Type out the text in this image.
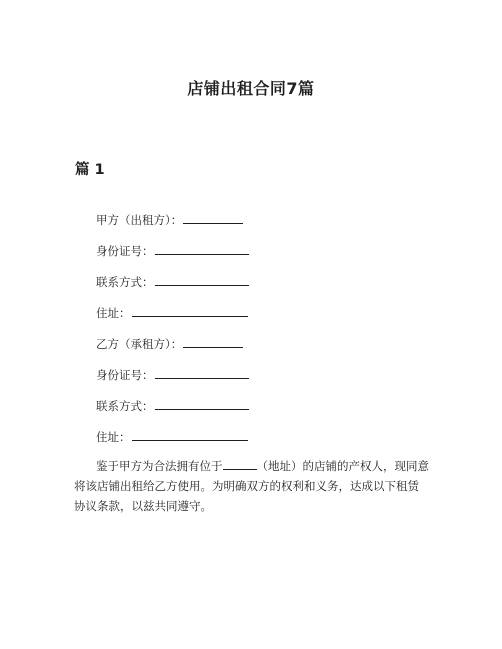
店铺出租合同7篇
篇 1
甲方（出租方）：
身份证号：
联系方式：
住址：
乙方（承租方）：
身份证号：
联系方式：
住址：
鉴于甲方为合法拥有位于	（地址）的店铺的产权人，现同意
将该店铺出租给乙方使用。为明确双方的权利和义务，达成以下租赁
协议条款，以兹共同遵守。
